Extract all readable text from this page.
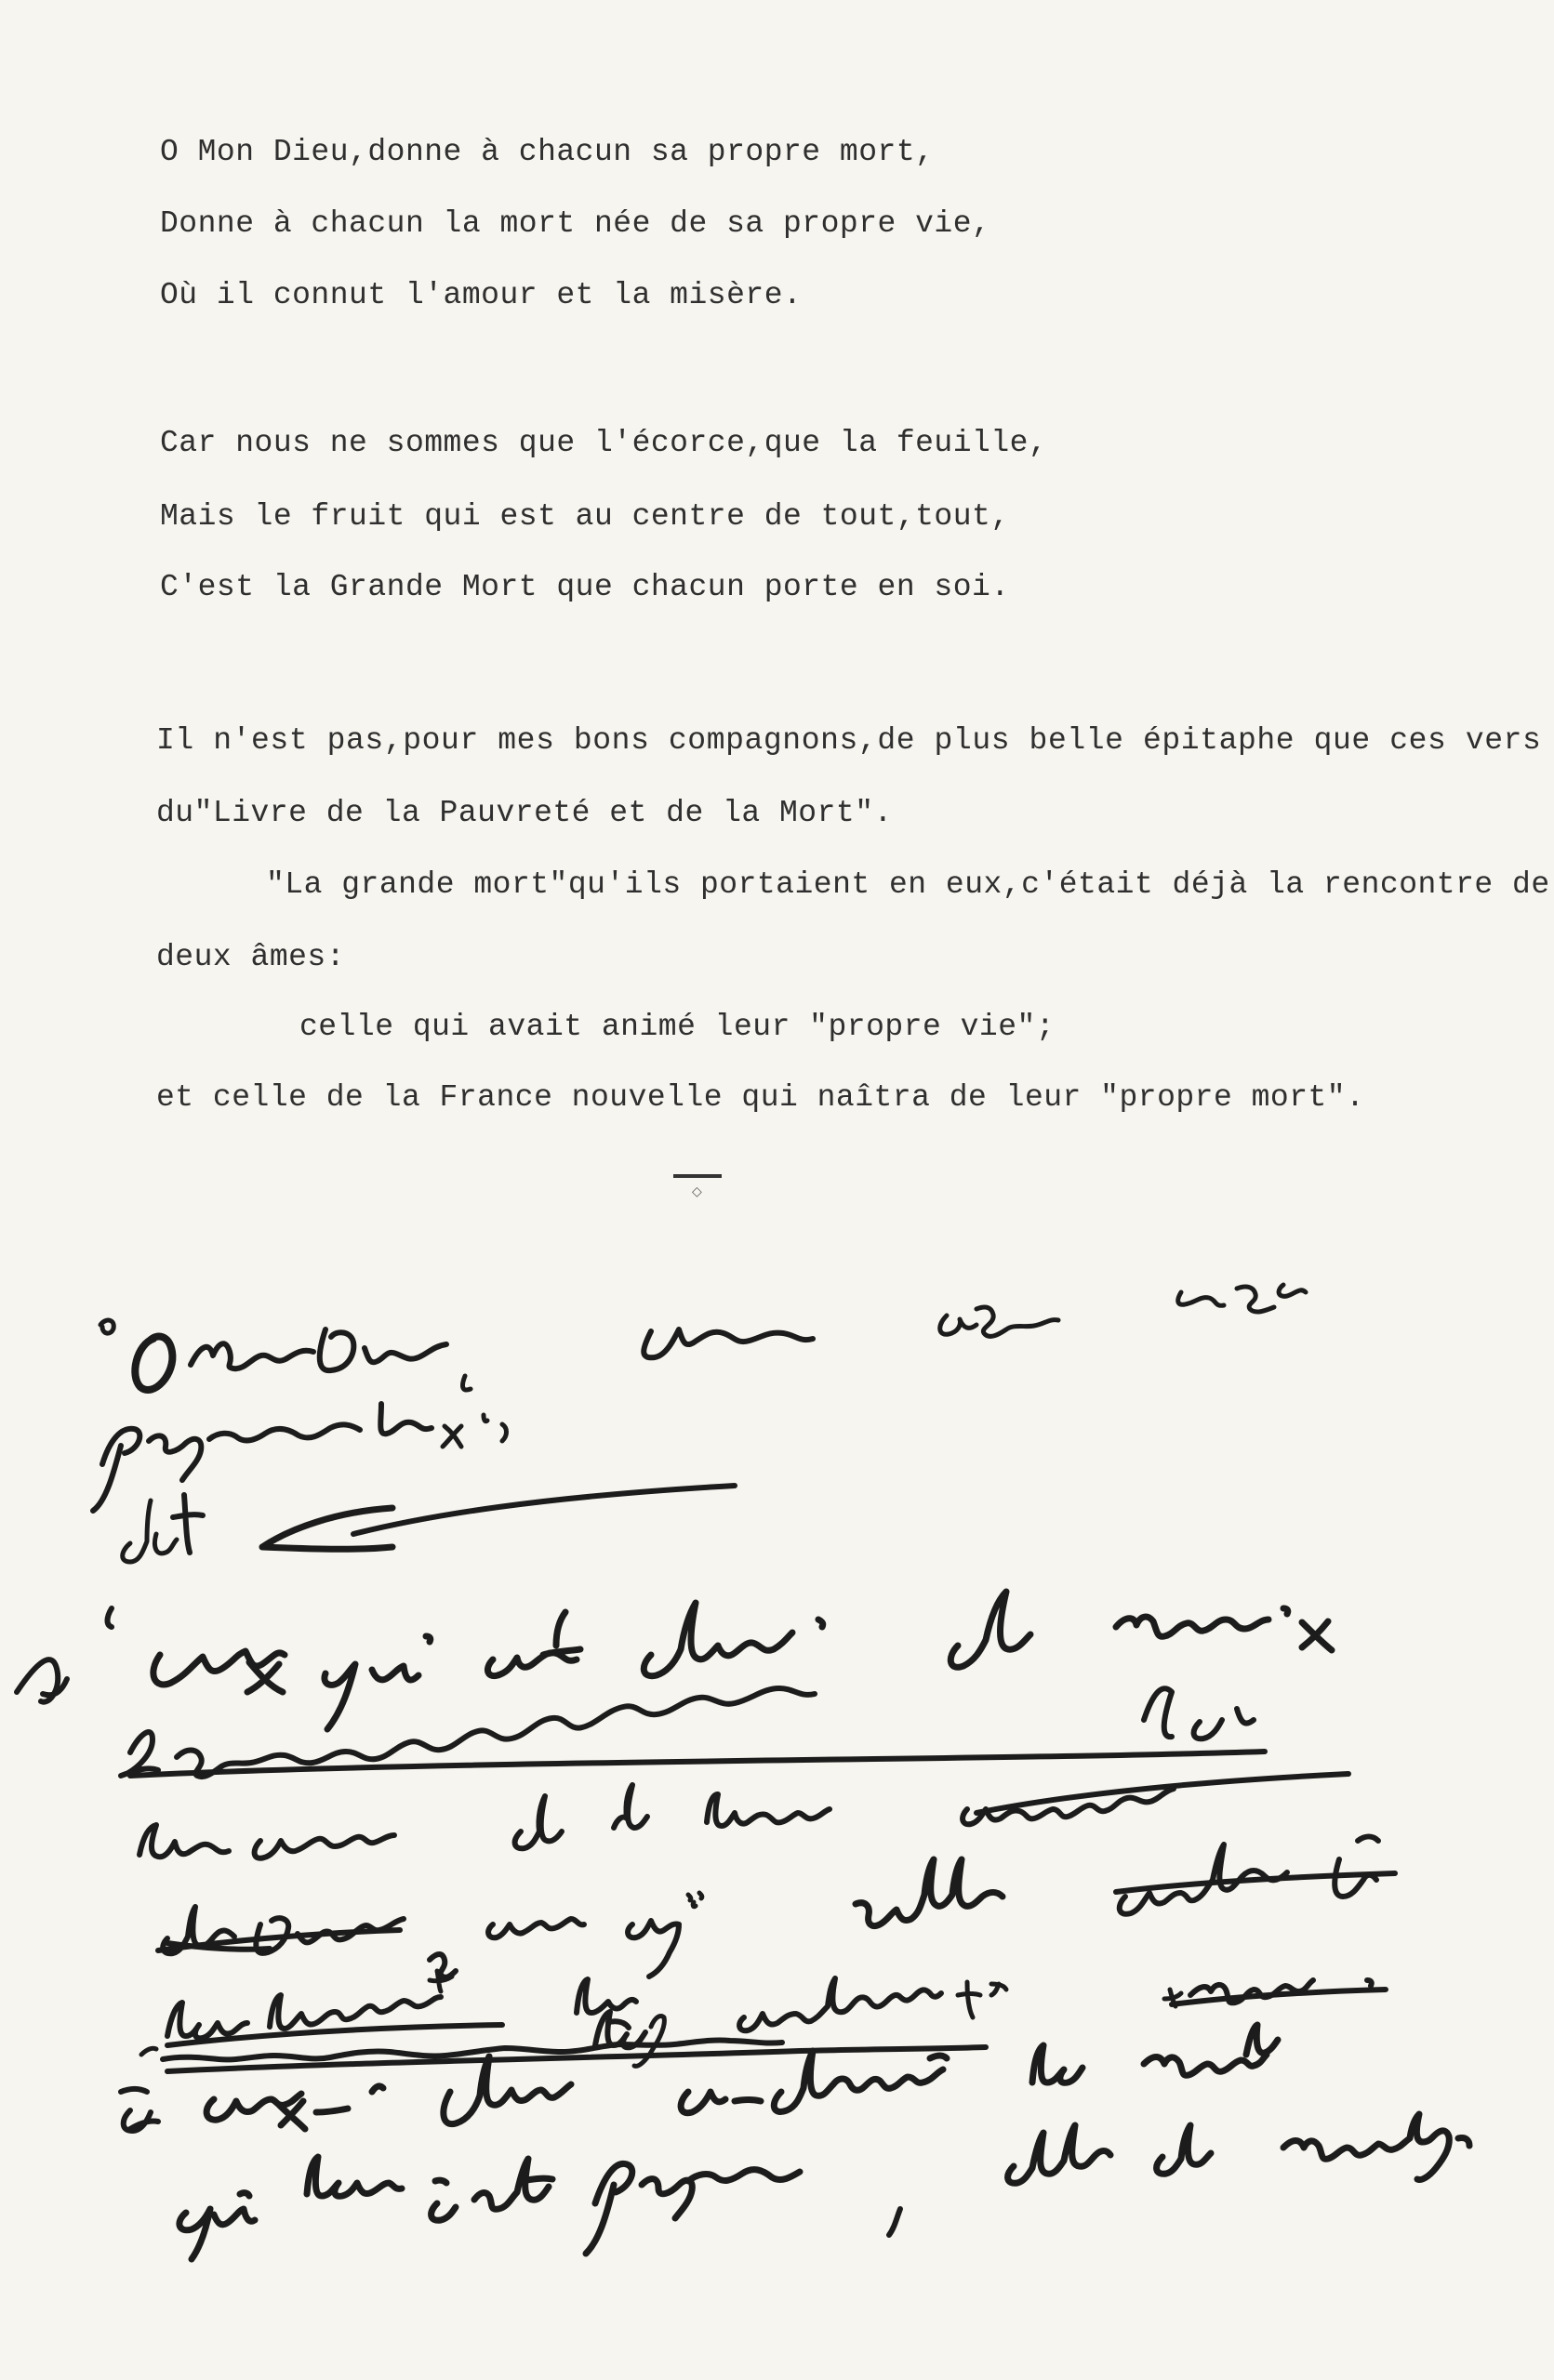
O Mon Dieu,donne à chacun sa propre mort,
Donne à chacun la mort née de sa propre vie,
Où il connut l'amour et la misère.
Car nous ne sommes que l'écorce,que la feuille,
Mais le fruit qui est au centre de tout,tout,
C'est la Grande Mort que chacun porte en soi.
Il n'est pas,pour mes bons compagnons,de plus belle épitaphe que ces vers
du"Livre de la Pauvreté et de la Mort".
"La grande mort"qu'ils portaient en eux,c'était déjà la rencontre de
deux âmes:
celle qui avait animé leur "propre vie";
et celle de la France nouvelle qui naîtra de leur "propre mort".
◇
